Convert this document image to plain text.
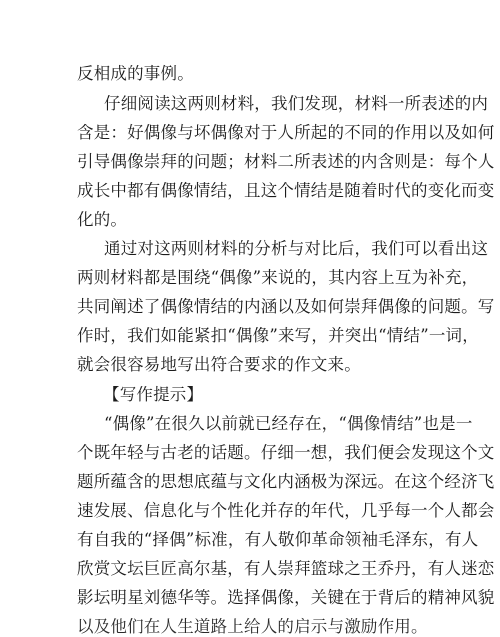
反相成的事例。
仔细阅读这两则材料，我们发现，材料一所表述的内
含是：好偶像与坏偶像对于人所起的不同的作用以及如何
引导偶像崇拜的问题；材料二所表述的内含则是：每个人
成长中都有偶像情结，且这个情结是随着时代的变化而变
化的。
通过对这两则材料的分析与对比后，我们可以看出这
两则材料都是围绕“偶像”来说的，其内容上互为补充，
共同阐述了偶像情结的内涵以及如何崇拜偶像的问题。写
作时，我们如能紧扣“偶像”来写，并突出“情结”一词，
就会很容易地写出符合要求的作文来。
【写作提示】
“偶像”在很久以前就已经存在，“偶像情结”也是一
个既年轻与古老的话题。仔细一想，我们便会发现这个文
题所蕴含的思想底蕴与文化内涵极为深远。在这个经济飞
速发展、信息化与个性化并存的年代，几乎每一个人都会
有自我的“择偶”标准，有人敬仰革命领袖毛泽东，有人
欣赏文坛巨匠高尔基，有人崇拜篮球之王乔丹，有人迷恋
影坛明星刘德华等。选择偶像，关键在于背后的精神风貌
以及他们在人生道路上给人的启示与激励作用。
